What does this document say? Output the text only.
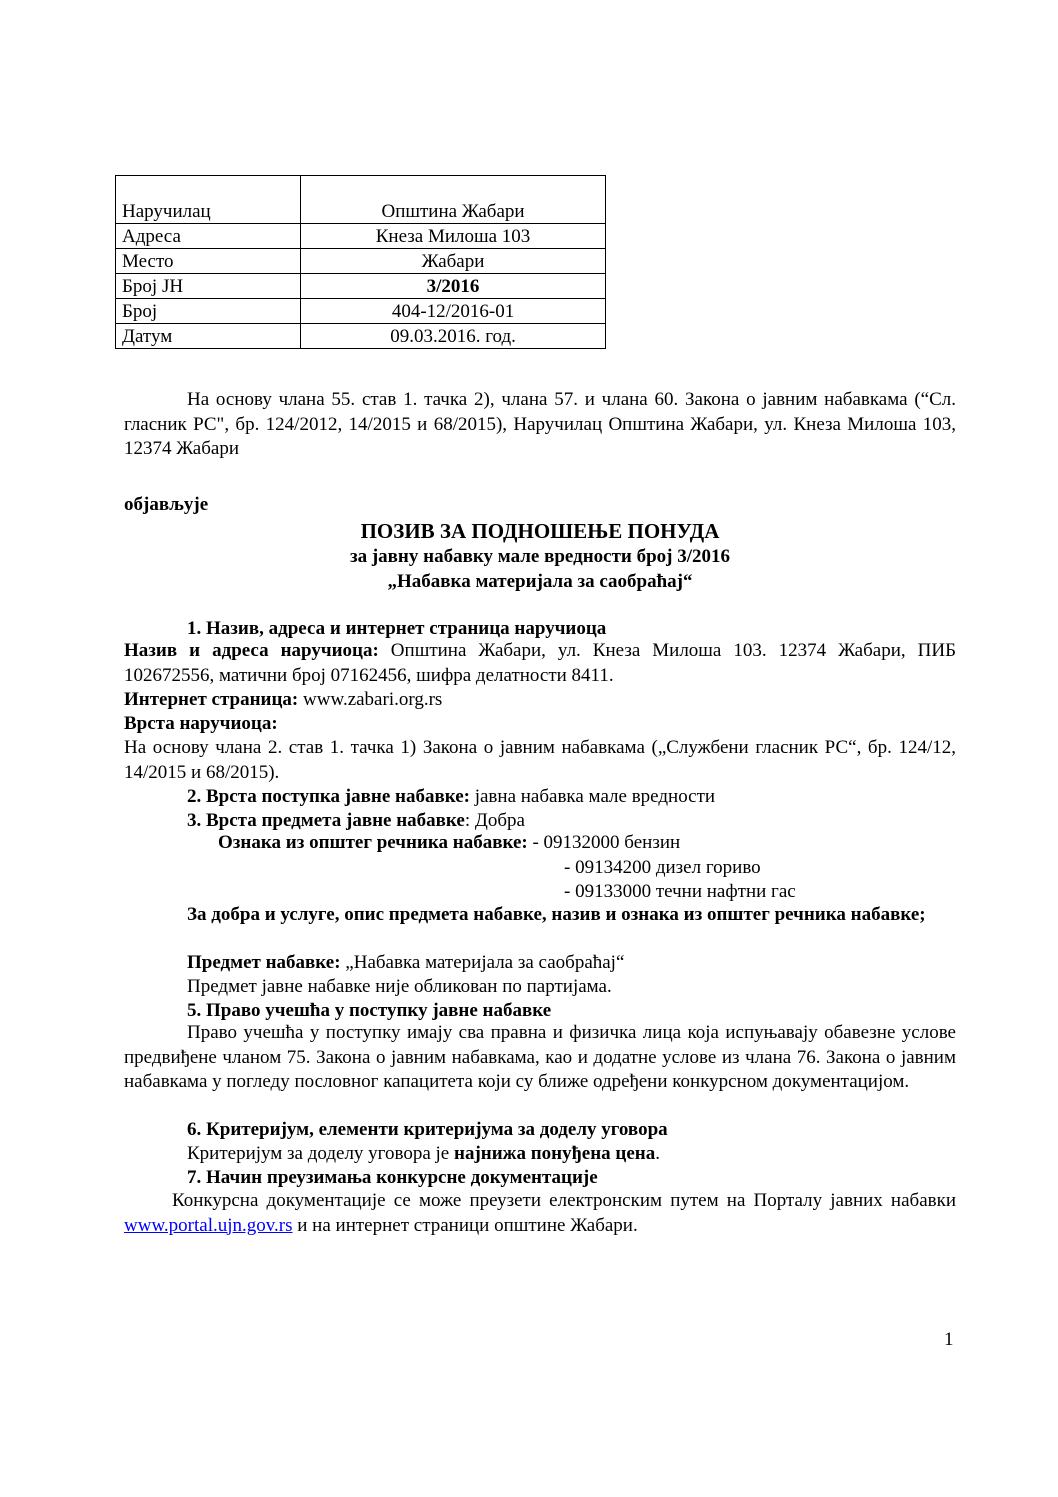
Наручилац	Општина Жабари
Адреса	Кнеза Милоша 103
Место	Жабари
Број ЈН	3/2016
Број	404-12/2016-01
Датум	09.03.2016. год.
На основу члана 55. став 1. тачка 2), члана 57. и члана 60. Закона о јавним набавкама (“Сл. гласник РС", бр. 124/2012, 14/2015 и 68/2015), Наручилац Општина Жабари, ул. Кнеза Милоша 103, 12374 Жабари
објављује
ПОЗИВ ЗА ПОДНОШЕЊЕ ПОНУДА
за јавну набавку мале вредности број 3/2016
„Набавка материјала за саобраћај“
1. Назив, адреса и интернет страница наручиоца
Назив и адреса наручиоца: Општина Жабари, ул. Кнеза Милоша 103. 12374 Жабари, ПИБ 102672556, матични број 07162456, шифра делатности 8411.
Интернет страница: www.zabari.org.rs
Врста наручиоца:
На основу члана 2. став 1. тачка 1) Закона о јавним набавкама („Службени гласник РС“, бр. 124/12, 14/2015 и 68/2015).
2. Врста поступка јавне набавке: јавна набавка мале вредности
3. Врста предмета јавне набавке: Добра
Ознака из општег речника набавке: - 09132000 бензин
- 09134200 дизел гориво
- 09133000 течни нафтни гас
За добра и услуге, опис предмета набавке, назив и ознака из општег речника набавке;
Предмет набавке: „Набавка материјала за саобраћај“
Предмет јавне набавке није обликован по партијама.
5. Право учешћа у поступку јавне набавке
Право учешћа у поступку имају сва правна и физичка лица која испуњавају обавезне услове предвиђене чланом 75. Закона о јавним набавкама, као и додатне услове из члана 76. Закона о јавним набавкама у погледу пословног капацитета који су ближе одређени конкурсном документацијом.
6. Критеријум, елементи критеријума за доделу уговора
Критеријум за доделу уговора је најнижа понуђена цена.
7. Начин преузимања конкурсне документације
Конкурсна документацијe се може преузети електронским путем на Порталу јавних набавки www.portal.ujn.gov.rs и на интернет страници општине Жабари.
1
